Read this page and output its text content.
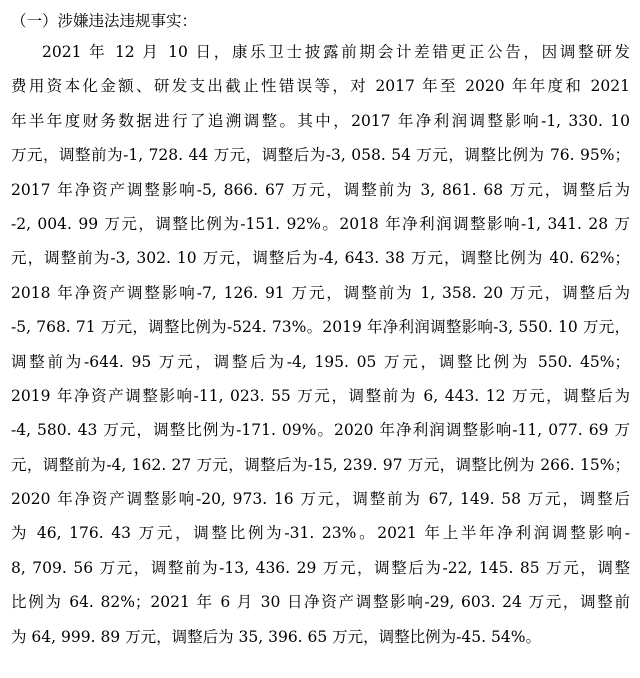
（一）涉嫌违法违规事实：
2021 年 12 月 10 日，康乐卫士披露前期会计差错更正公告，因调整研发
费用资本化金额、研发支出截止性错误等，对 2017 年至 2020 年年度和 2021
年半年度财务数据进行了追溯调整。其中，2017 年净利润调整影响-1, 330. 10
万元，调整前为-1, 728. 44 万元，调整后为-3, 058. 54 万元，调整比例为 76. 95%；
2017 年净资产调整影响-5, 866. 67 万元，调整前为 3, 861. 68 万元，调整后为
-2, 004. 99 万元，调整比例为-151. 92%。2018 年净利润调整影响-1, 341. 28 万
元，调整前为-3, 302. 10 万元，调整后为-4, 643. 38 万元，调整比例为 40. 62%；
2018 年净资产调整影响-7, 126. 91 万元，调整前为 1, 358. 20 万元，调整后为
-5, 768. 71 万元，调整比例为-524. 73%。2019 年净利润调整影响-3, 550. 10 万元，
调整前为-644. 95 万元，调整后为-4, 195. 05 万元，调整比例为 550. 45%；
2019 年净资产调整影响-11, 023. 55 万元，调整前为 6, 443. 12 万元，调整后为
-4, 580. 43 万元，调整比例为-171. 09%。2020 年净利润调整影响-11, 077. 69 万
元，调整前为-4, 162. 27 万元，调整后为-15, 239. 97 万元，调整比例为 266. 15%；
2020 年净资产调整影响-20, 973. 16 万元，调整前为 67, 149. 58 万元，调整后
为 46, 176. 43 万元，调整比例为-31. 23%。2021 年上半年净利润调整影响-
8, 709. 56 万元，调整前为-13, 436. 29 万元，调整后为-22, 145. 85 万元，调整
比例为 64. 82%；2021 年 6 月 30 日净资产调整影响-29, 603. 24 万元，调整前
为 64, 999. 89 万元，调整后为 35, 396. 65 万元，调整比例为-45. 54%。
